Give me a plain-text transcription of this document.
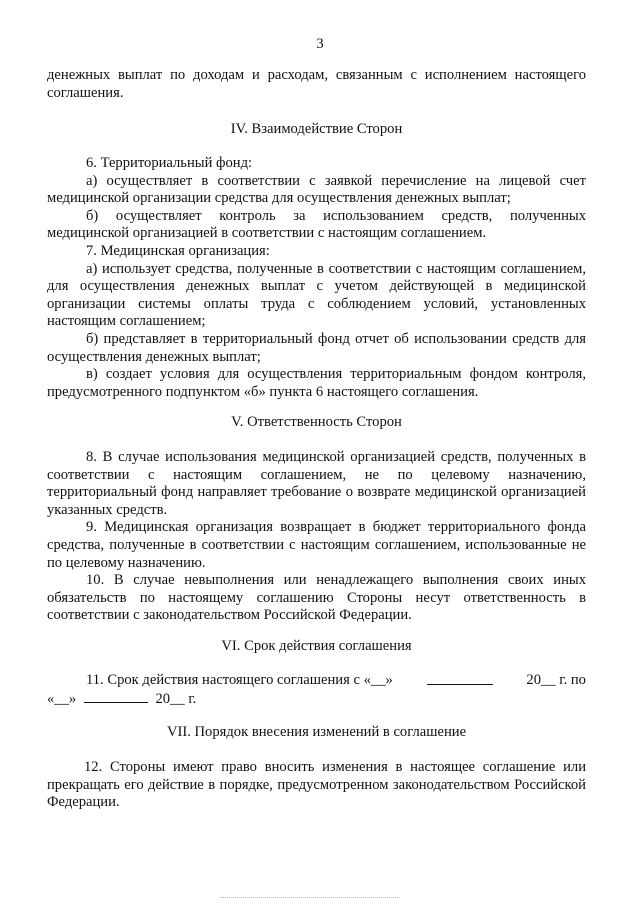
3

денежных выплат по доходам и расходам, связанным с исполнением настоящего соглашения.

IV. Взаимодействие Сторон

6. Территориальный фонд:

а) осуществляет в соответствии с заявкой перечисление на лицевой счет медицинской организации средства для осуществления денежных выплат;

б) осуществляет контроль за использованием средств, полученных медицинской организацией в соответствии с настоящим соглашением.

7. Медицинская организация:

а) использует средства, полученные в соответствии с настоящим соглашением, для осуществления денежных выплат с учетом действующей в медицинской организации системы оплаты труда с соблюдением условий, установленных настоящим соглашением;

б) представляет в территориальный фонд отчет об использовании средств для осуществления денежных выплат;

в) создает условия для осуществления территориальным фондом контроля, предусмотренного подпунктом «б» пункта 6 настоящего соглашения.

V. Ответственность Сторон

8. В случае использования медицинской организацией средств, полученных в соответствии с настоящим соглашением, не по целевому назначению, территориальный фонд направляет требование о возврате медицинской организацией указанных средств.

9. Медицинская организация возвращает в бюджет территориального фонда средства, полученные в соответствии с настоящим соглашением, использованные не по целевому назначению.

10. В случае невыполнения или ненадлежащего выполнения своих иных обязательств по настоящему соглашению Стороны несут ответственность в соответствии с законодательством Российской Федерации.

VI. Срок действия соглашения
11. Срок действия настоящего соглашения с «__»	20__ г. по
«__»	20__ г.
VII. Порядок внесения изменений в соглашение

12. Стороны имеют право вносить изменения в настоящее соглашение или прекращать его действие в порядке, предусмотренном законодательством Российской Федерации.
